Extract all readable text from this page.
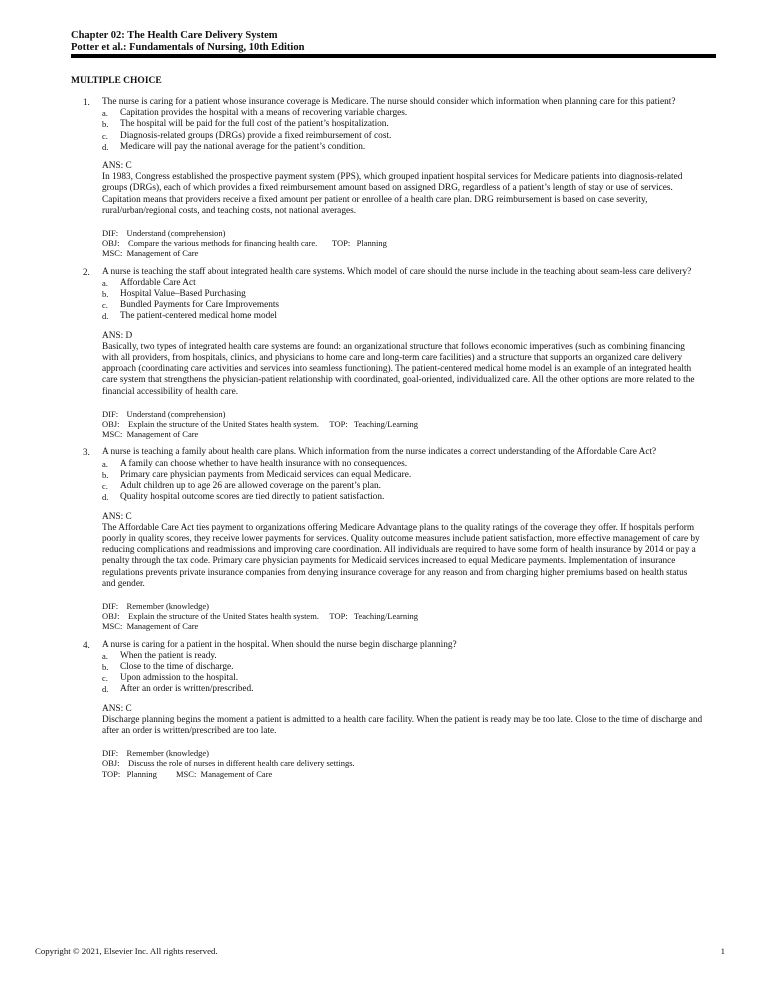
Chapter 02: The Health Care Delivery System
Potter et al.: Fundamentals of Nursing, 10th Edition
MULTIPLE CHOICE
1. The nurse is caring for a patient whose insurance coverage is Medicare. The nurse should consider which information when planning care for this patient?
a. Capitation provides the hospital with a means of recovering variable charges.
b. The hospital will be paid for the full cost of the patient’s hospitalization.
c. Diagnosis-related groups (DRGs) provide a fixed reimbursement of cost.
d. Medicare will pay the national average for the patient’s condition.
ANS: C
In 1983, Congress established the prospective payment system (PPS), which grouped inpatient hospital services for Medicare patients into diagnosis-related groups (DRGs), each of which provides a fixed reimbursement amount based on assigned DRG, regardless of a patient’s length of stay or use of services. Capitation means that providers receive a fixed amount per patient or enrollee of a health care plan. DRG reimbursement is based on case severity, rural/urban/regional costs, and teaching costs, not national averages.
DIF:    Understand (comprehension)
OBJ:    Compare the various methods for financing health care.       TOP:   Planning
MSC:  Management of Care
2. A nurse is teaching the staff about integrated health care systems. Which model of care should the nurse include in the teaching about seam-less care delivery?
a. Affordable Care Act
b. Hospital Value–Based Purchasing
c. Bundled Payments for Care Improvements
d. The patient-centered medical home model
ANS: D
Basically, two types of integrated health care systems are found: an organizational structure that follows economic imperatives (such as combining financing with all providers, from hospitals, clinics, and physicians to home care and long-term care facilities) and a structure that supports an organized care delivery approach (coordinating care activities and services into seamless functioning). The patient-centered medical home model is an example of an integrated health care system that strengthens the physician-patient relationship with coordinated, goal-oriented, individualized care. All the other options are more related to the financial accessibility of health care.
DIF:    Understand (comprehension)
OBJ:    Explain the structure of the United States health system.     TOP:   Teaching/Learning
MSC:  Management of Care
3. A nurse is teaching a family about health care plans. Which information from the nurse indicates a correct understanding of the Affordable Care Act?
a. A family can choose whether to have health insurance with no consequences.
b. Primary care physician payments from Medicaid services can equal Medicare.
c. Adult children up to age 26 are allowed coverage on the parent’s plan.
d. Quality hospital outcome scores are tied directly to patient satisfaction.
ANS: C
The Affordable Care Act ties payment to organizations offering Medicare Advantage plans to the quality ratings of the coverage they offer. If hospitals perform poorly in quality scores, they receive lower payments for services. Quality outcome measures include patient satisfaction, more effective management of care by reducing complications and readmissions and improving care coordination. All individuals are required to have some form of health insurance by 2014 or pay a penalty through the tax code. Primary care physician payments for Medicaid services increased to equal Medicare payments. Implementation of insurance regulations prevents private insurance companies from denying insurance coverage for any reason and from charging higher premiums based on health status and gender.
DIF:    Remember (knowledge)
OBJ:    Explain the structure of the United States health system.     TOP:   Teaching/Learning
MSC:  Management of Care
4. A nurse is caring for a patient in the hospital. When should the nurse begin discharge planning?
a. When the patient is ready.
b. Close to the time of discharge.
c. Upon admission to the hospital.
d. After an order is written/prescribed.
ANS: C
Discharge planning begins the moment a patient is admitted to a health care facility. When the patient is ready may be too late. Close to the time of discharge and after an order is written/prescribed are too late.
DIF:    Remember (knowledge)
OBJ:    Discuss the role of nurses in different health care delivery settings.
TOP:   Planning         MSC:  Management of Care
Copyright © 2021, Elsevier Inc. All rights reserved.	1
